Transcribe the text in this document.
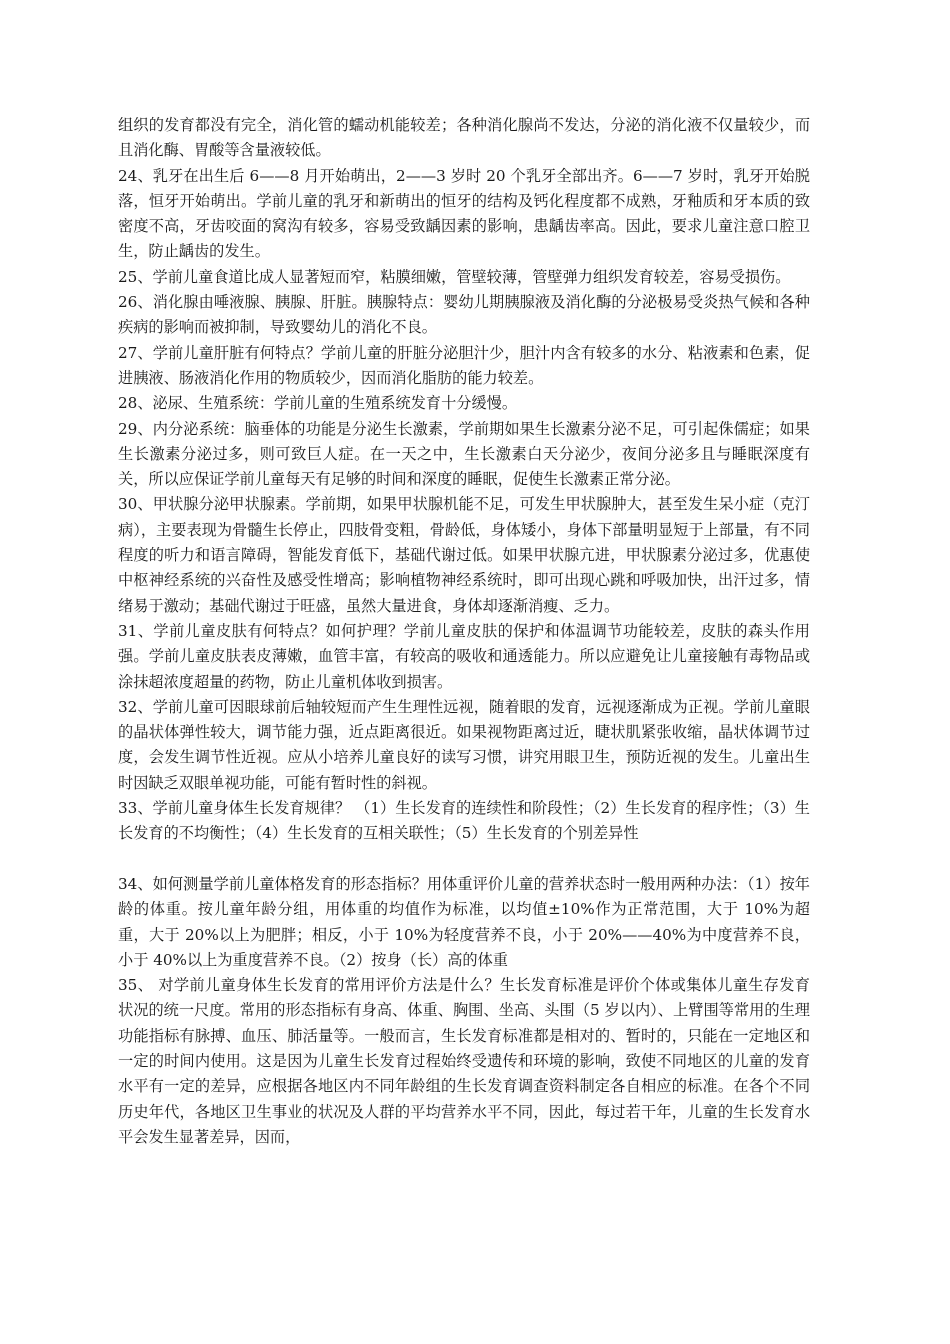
组织的发育都没有完全，消化管的蠕动机能较差；各种消化腺尚不发达，分泌的消化液不仅量较少，而且消化酶、胃酸等含量液较低。

24、乳牙在出生后 6——8 月开始萌出，2——3 岁时 20 个乳牙全部出齐。6——7 岁时，乳牙开始脱落，恒牙开始萌出。学前儿童的乳牙和新萌出的恒牙的结构及钙化程度都不成熟，牙釉质和牙本质的致密度不高，牙齿咬面的窝沟有较多，容易受致龋因素的影响，患龋齿率高。因此，要求儿童注意口腔卫生，防止龋齿的发生。

25、学前儿童食道比成人显著短而窄，粘膜细嫩，管壁较薄，管壁弹力组织发育较差，容易受损伤。

26、消化腺由唾液腺、胰腺、肝脏。胰腺特点：婴幼儿期胰腺液及消化酶的分泌极易受炎热气候和各种疾病的影响而被抑制，导致婴幼儿的消化不良。

27、学前儿童肝脏有何特点？学前儿童的肝脏分泌胆汁少，胆汁内含有较多的水分、粘液素和色素，促进胰液、肠液消化作用的物质较少，因而消化脂肪的能力较差。

28、泌尿、生殖系统：学前儿童的生殖系统发育十分缓慢。

29、内分泌系统：脑垂体的功能是分泌生长激素，学前期如果生长激素分泌不足，可引起侏儒症；如果生长激素分泌过多，则可致巨人症。在一天之中，生长激素白天分泌少，夜间分泌多且与睡眠深度有关，所以应保证学前儿童每天有足够的时间和深度的睡眠，促使生长激素正常分泌。

30、甲状腺分泌甲状腺素。学前期，如果甲状腺机能不足，可发生甲状腺肿大，甚至发生呆小症（克汀病），主要表现为骨髓生长停止，四肢骨变粗，骨龄低，身体矮小，身体下部量明显短于上部量，有不同程度的听力和语言障碍，智能发育低下，基础代谢过低。如果甲状腺亢进，甲状腺素分泌过多，优惠使中枢神经系统的兴奋性及感受性增高；影响植物神经系统时，即可出现心跳和呼吸加快，出汗过多，情绪易于激动；基础代谢过于旺盛，虽然大量进食，身体却逐渐消瘦、乏力。

31、学前儿童皮肤有何特点？如何护理？学前儿童皮肤的保护和体温调节功能较差，皮肤的森头作用强。学前儿童皮肤表皮薄嫩，血管丰富，有较高的吸收和通透能力。所以应避免让儿童接触有毒物品或涂抹超浓度超量的药物，防止儿童机体收到损害。

32、学前儿童可因眼球前后轴较短而产生生理性远视，随着眼的发育，远视逐渐成为正视。学前儿童眼的晶状体弹性较大，调节能力强，近点距离很近。如果视物距离过近，睫状肌紧张收缩，晶状体调节过度，会发生调节性近视。应从小培养儿童良好的读写习惯，讲究用眼卫生，预防近视的发生。儿童出生时因缺乏双眼单视功能，可能有暂时性的斜视。

33、学前儿童身体生长发育规律？ （1）生长发育的连续性和阶段性；（2）生长发育的程序性；（3）生长发育的不均衡性；（4）生长发育的互相关联性；（5）生长发育的个别差异性

34、如何测量学前儿童体格发育的形态指标？用体重评价儿童的营养状态时一般用两种办法：（1）按年龄的体重。按儿童年龄分组，用体重的均值作为标准，以均值±10%作为正常范围，大于 10%为超重，大于 20%以上为肥胖；相反，小于 10%为轻度营养不良，小于 20%——40%为中度营养不良，小于 40%以上为重度营养不良。（2）按身（长）高的体重

35、 对学前儿童身体生长发育的常用评价方法是什么？生长发育标准是评价个体或集体儿童生存发育状况的统一尺度。常用的形态指标有身高、体重、胸围、坐高、头围（5 岁以内）、上臂围等常用的生理功能指标有脉搏、血压、肺活量等。一般而言，生长发育标准都是相对的、暂时的，只能在一定地区和一定的时间内使用。这是因为儿童生长发育过程始终受遗传和环境的影响，致使不同地区的儿童的发育水平有一定的差异，应根据各地区内不同年龄组的生长发育调查资料制定各自相应的标准。在各个不同历史年代，各地区卫生事业的状况及人群的平均营养水平不同，因此，每过若干年，儿童的生长发育水平会发生显著差异，因而，
